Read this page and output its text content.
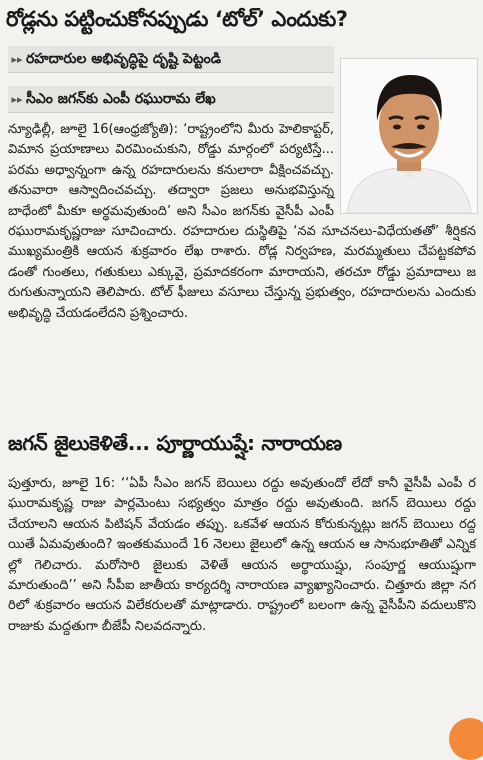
రోడ్లను పట్టించుకోనప్పుడు ‘టోల్’ ఎందుకు?
▸▸ రహదారుల అభివృద్ధిపై దృష్టి పెట్టండి
▸▸ సీఎం జగన్‌కు ఎంపీ రఘురామ లేఖ
న్యూఢిల్లీ, జూలై 16(ఆంధ్రజ్యోతి): ‘రాష్ట్రంలోని మీరు హెలికాప్టర్, విమాన ప్రయాణాలు విరమించుకుని, రోడ్డు మార్గంలో పర్యటిస్తే... పరమ అధ్వాన్నంగా ఉన్న రహదారులను కనులారా వీక్షించవచ్చు. తనువారా ఆస్వాదించవచ్చు. తద్వారా ప్రజలు అనుభవిస్తున్న బాధేంటో మీకూ అర్థమవుతుంది’ అని సీఎం జగన్‌కు వైసీపీ ఎంపీ రఘురామకృష్ణరాజు సూచించారు. రహదారుల దుస్థితిపై ‘నవ సూచనలు-విధేయతతో’ శీర్షికన ముఖ్యమంత్రికి ఆయన శుక్రవారం లేఖ రాశారు. రోడ్ల నిర్వహణ, మరమ్మతులు చేపట్టకపోవడంతో గుంతలు, గతుకులు ఎక్కువై, ప్రమాదకరంగా మారాయని, తరచూ రోడ్డు ప్రమాదాలు జరుగుతున్నాయని తెలిపారు. టోల్ ఫీజులు వసూలు చేస్తున్న ప్రభుత్వం, రహదారులను ఎందుకు అభివృద్ధి చేయడంలేదని ప్రశ్నించారు.
జగన్ జైలుకెళితే... పూర్ణాయుష్షే: నారాయణ
పుత్తూరు, జూలై 16: ‘‘ఏపీ సీఎం జగన్ బెయిలు రద్దు అవుతుందో లేదో కానీ వైసీపీ ఎంపీ రఘురామకృష్ణ రాజు పార్లమెంటు సభ్యత్వం మాత్రం రద్దు అవుతుంది. జగన్ బెయిలు రద్దు చేయాలని ఆయన పిటిషన్ వేయడం తప్పు. ఒకవేళ ఆయన కోరుకున్నట్లు జగన్ బెయిలు రద్దయితే ఏమవుతుంది? ఇంతకుముందే 16 నెలలు జైలులో ఉన్న ఆయన ఆ సానుభూతితో ఎన్నికల్లో గెలిచారు. మరోసారి జైలుకు వెళితే ఆయన అర్థాయుష్షు, సంపూర్ణ ఆయుష్షుగా మారుతుంది’’ అని సీపీఐ జాతీయ కార్యదర్శి నారాయణ వ్యాఖ్యానించారు. చిత్తూరు జిల్లా నగరిలో శుక్రవారం ఆయన విలేకరులతో మాట్లాడారు. రాష్ట్రంలో బలంగా ఉన్న వైసీపీని వదులుకొని రాజుకు మద్దతుగా బీజేపీ నిలవదన్నారు.
